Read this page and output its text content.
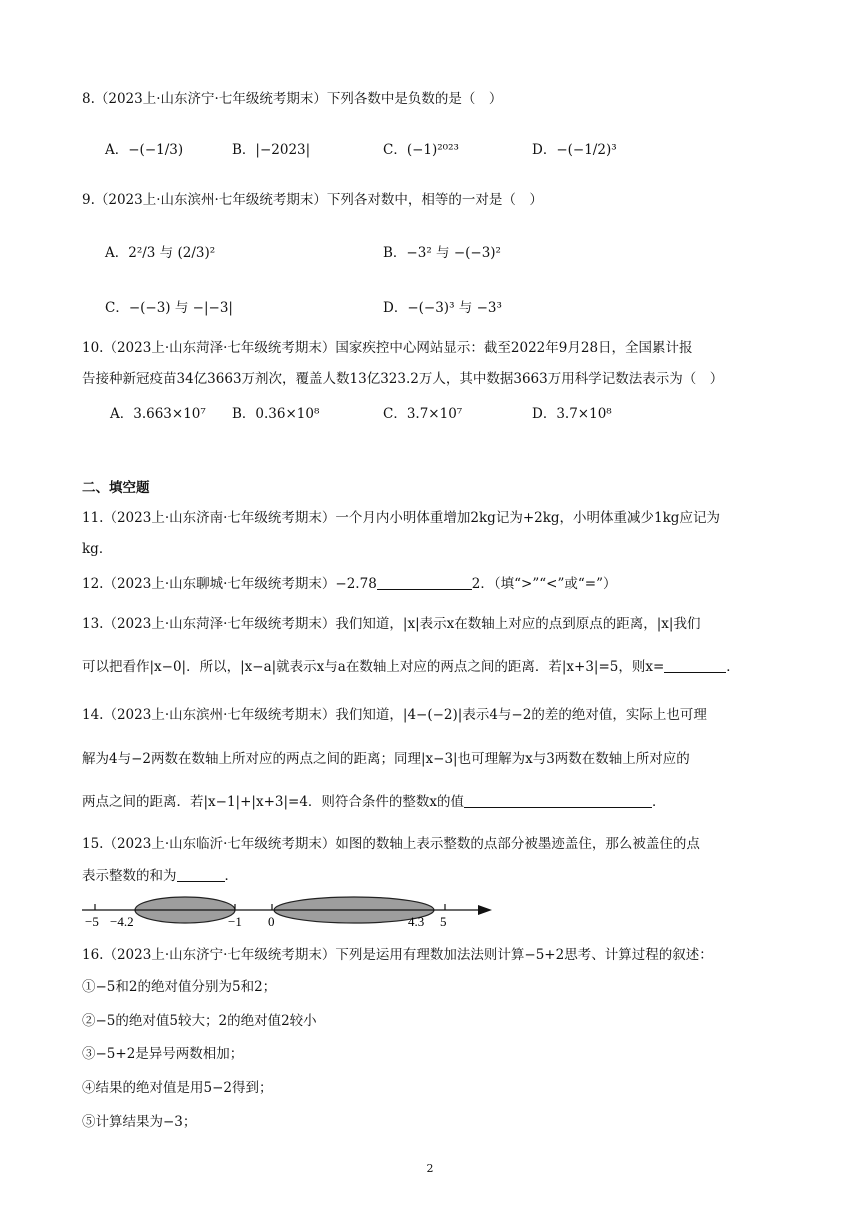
8.（2023上·山东济宁·七年级统考期末）下列各数中是负数的是（　）
A．−(−1/3)	B．|−2023|	C．(−1)²⁰²³	D．−(−1/2)³
9.（2023上·山东滨州·七年级统考期末）下列各对数中，相等的一对是（　）
A．2²/3 与 (2/3)²	B．−3² 与 −(−3)²
C．−(−3) 与 −|−3|	D．−(−3)³ 与 −3³
10.（2023上·山东菏泽·七年级统考期末）国家疾控中心网站显示：截至2022年9月28日，全国累计报
告接种新冠疫苗34亿3663万剂次，覆盖人数13亿323.2万人，其中数据3663万用科学记数法表示为（　）
A．3.663×10⁷ B．0.36×10⁸	C．3.7×10⁷	D．3.7×10⁸
二、填空题
11.（2023上·山东济南·七年级统考期末）一个月内小明体重增加2kg记为+2kg，小明体重减少1kg应记为
kg．
12.（2023上·山东聊城·七年级统考期末）−2.78	2．（填“>”“<”或“=”）
13.（2023上·山东菏泽·七年级统考期末）我们知道，|x|表示x在数轴上对应的点到原点的距离，|x|我们
可以把看作|x−0|．所以，|x−a|就表示x与a在数轴上对应的两点之间的距离．若|x+3|=5，则x=	．
14.（2023上·山东滨州·七年级统考期末）我们知道，|4−(−2)|表示4与−2的差的绝对值，实际上也可理
解为4与−2两数在数轴上所对应的两点之间的距离；同理|x−3|也可理解为x与3两数在数轴上所对应的
两点之间的距离．若|x−1|+|x+3|=4．则符合条件的整数x的值	．
15.（2023上·山东临沂·七年级统考期末）如图的数轴上表示整数的点部分被墨迹盖住，那么被盖住的点
表示整数的和为	．
−5 −4.2	−1 0	4.3 5
16.（2023上·山东济宁·七年级统考期末）下列是运用有理数加法法则计算−5+2思考、计算过程的叙述：
①−5和2的绝对值分别为5和2；
②−5的绝对值5较大；2的绝对值2较小
③−5+2是异号两数相加；
④结果的绝对值是用5−2得到；
⑤计算结果为−3；
2
